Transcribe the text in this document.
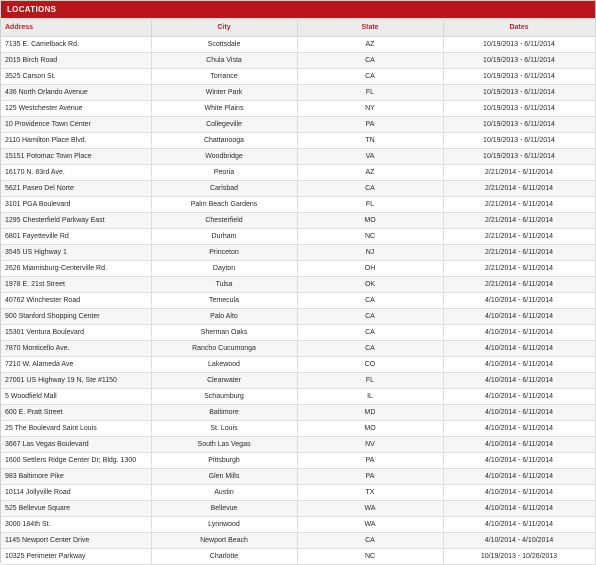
LOCATIONS
Address	City	State	Dates
7135 E. Camelback Rd.	Scottsdale	AZ	10/19/2013 - 6/11/2014
2015 Birch Road	Chula Vista	CA	10/19/2013 - 6/11/2014
3525 Carson St.	Torrance	CA	10/19/2013 - 6/11/2014
436 North Orlando Avenue	Winter Park	FL	10/19/2013 - 6/11/2014
125 Westchester Avenue	White Plains	NY	10/19/2013 - 6/11/2014
10 Providence Town Center	Collegeville	PA	10/19/2013 - 6/11/2014
2110 Hamilton Place Blvd.	Chattanooga	TN	10/19/2013 - 6/11/2014
15151 Potomac Town Place	Woodbridge	VA	10/19/2013 - 6/11/2014
16170 N. 83rd Ave.	Peoria	AZ	2/21/2014 - 6/11/2014
5621 Paseo Del Norte	Carlsbad	CA	2/21/2014 - 6/11/2014
3101 PGA Boulevard	Palm Beach Gardens	FL	2/21/2014 - 6/11/2014
1295 Chesterfield Parkway East	Chesterfield	MO	2/21/2014 - 6/11/2014
6801 Fayetteville Rd	Durham	NC	2/21/2014 - 6/11/2014
3545 US Highway 1	Princeton	NJ	2/21/2014 - 6/11/2014
2626 Miamisburg-Centerville Rd.	Dayton	OH	2/21/2014 - 6/11/2014
1978 E. 21st Street	Tulsa	OK	2/21/2014 - 6/11/2014
40762 Winchester Road	Temecula	CA	4/10/2014 - 6/11/2014
900 Stanford Shopping Center	Palo Alto	CA	4/10/2014 - 6/11/2014
15301 Ventura Boulevard	Sherman Oaks	CA	4/10/2014 - 6/11/2014
7870 Monticello Ave.	Rancho Cucumonga	CA	4/10/2014 - 6/11/2014
7210 W. Alameda Ave	Lakewood	CO	4/10/2014 - 6/11/2014
27001 US Highway 19 N, Ste #1150	Clearwater	FL	4/10/2014 - 6/11/2014
5 Woodfield Mall	Schaumburg	IL	4/10/2014 - 6/11/2014
600 E. Pratt Street	Baltimore	MD	4/10/2014 - 6/11/2014
25 The Boulevard Saint Louis	St. Louis	MO	4/10/2014 - 6/11/2014
3667 Las Vegas Boulevard	South Las Vegas	NV	4/10/2014 - 6/11/2014
1600 Settlers Ridge Center Dr; Bldg. 1300	Pittsburgh	PA	4/10/2014 - 6/11/2014
983 Baltimore Pike	Glen Mills	PA	4/10/2014 - 6/11/2014
10114 Jollyville Road	Austin	TX	4/10/2014 - 6/11/2014
525 Bellevue Square	Bellevue	WA	4/10/2014 - 6/11/2014
3000 184th St.	Lynnwood	WA	4/10/2014 - 6/11/2014
1145 Newport Center Drive	Newport Beach	CA	4/10/2014 - 4/10/2014
10325 Perimeter Parkway	Charlotte	NC	10/19/2013 - 10/26/2013
